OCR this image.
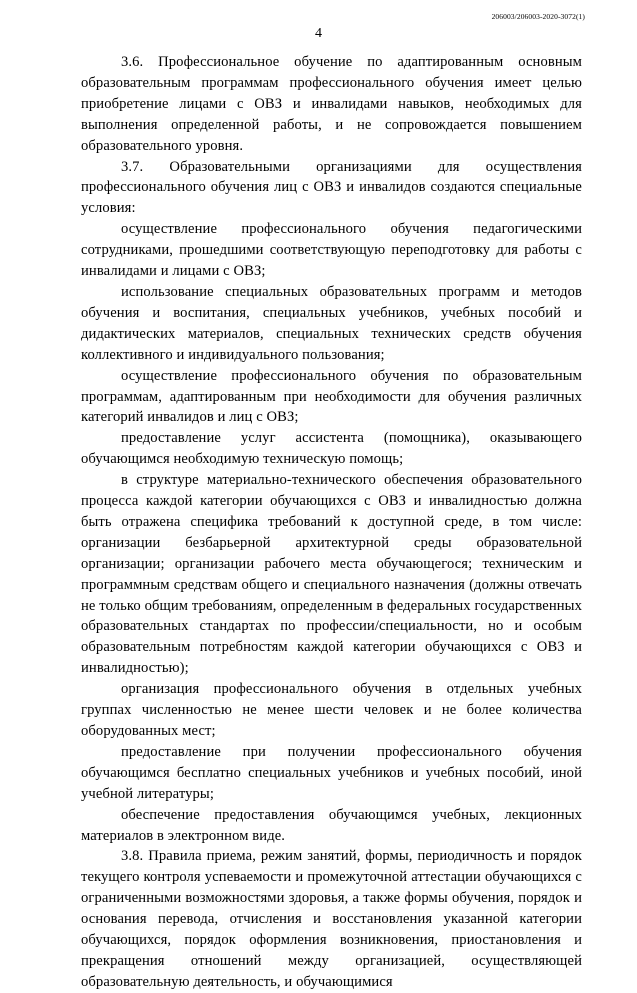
206003/206003-2020-3072(1)
4

3.6. Профессиональное обучение по адаптированным основным образовательным программам профессионального обучения имеет целью приобретение лицами с ОВЗ и инвалидами навыков, необходимых для выполнения определенной работы, и не сопровождается повышением образовательного уровня.

3.7. Образовательными организациями для осуществления профессионального обучения лиц с ОВЗ и инвалидов создаются специальные условия:

осуществление профессионального обучения педагогическими сотрудниками, прошедшими соответствующую переподготовку для работы с инвалидами и лицами с ОВЗ;

использование специальных образовательных программ и методов обучения и воспитания, специальных учебников, учебных пособий и дидактических материалов, специальных технических средств обучения коллективного и индивидуального пользования;

осуществление профессионального обучения по образовательным программам, адаптированным при необходимости для обучения различных категорий инвалидов и лиц с ОВЗ;

предоставление услуг ассистента (помощника), оказывающего обучающимся необходимую техническую помощь;

в структуре материально-технического обеспечения образовательного процесса каждой категории обучающихся с ОВЗ и инвалидностью должна быть отражена специфика требований к доступной среде, в том числе: организации безбарьерной архитектурной среды образовательной организации; организации рабочего места обучающегося; техническим и программным средствам общего и специального назначения (должны отвечать не только общим требованиям, определенным в федеральных государственных образовательных стандартах по профессии/специальности, но и особым образовательным потребностям каждой категории обучающихся с ОВЗ и инвалидностью);

организация профессионального обучения в отдельных учебных группах численностью не менее шести человек и не более количества оборудованных мест;

предоставление при получении профессионального обучения обучающимся бесплатно специальных учебников и учебных пособий, иной учебной литературы;

обеспечение предоставления обучающимся учебных, лекционных материалов в электронном виде.

3.8. Правила приема, режим занятий, формы, периодичность и порядок текущего контроля успеваемости и промежуточной аттестации обучающихся с ограниченными возможностями здоровья, а также формы обучения, порядок и основания перевода, отчисления и восстановления указанной категории обучающихся, порядок оформления возникновения, приостановления и прекращения отношений между организацией, осуществляющей образовательную деятельность, и обучающимися
